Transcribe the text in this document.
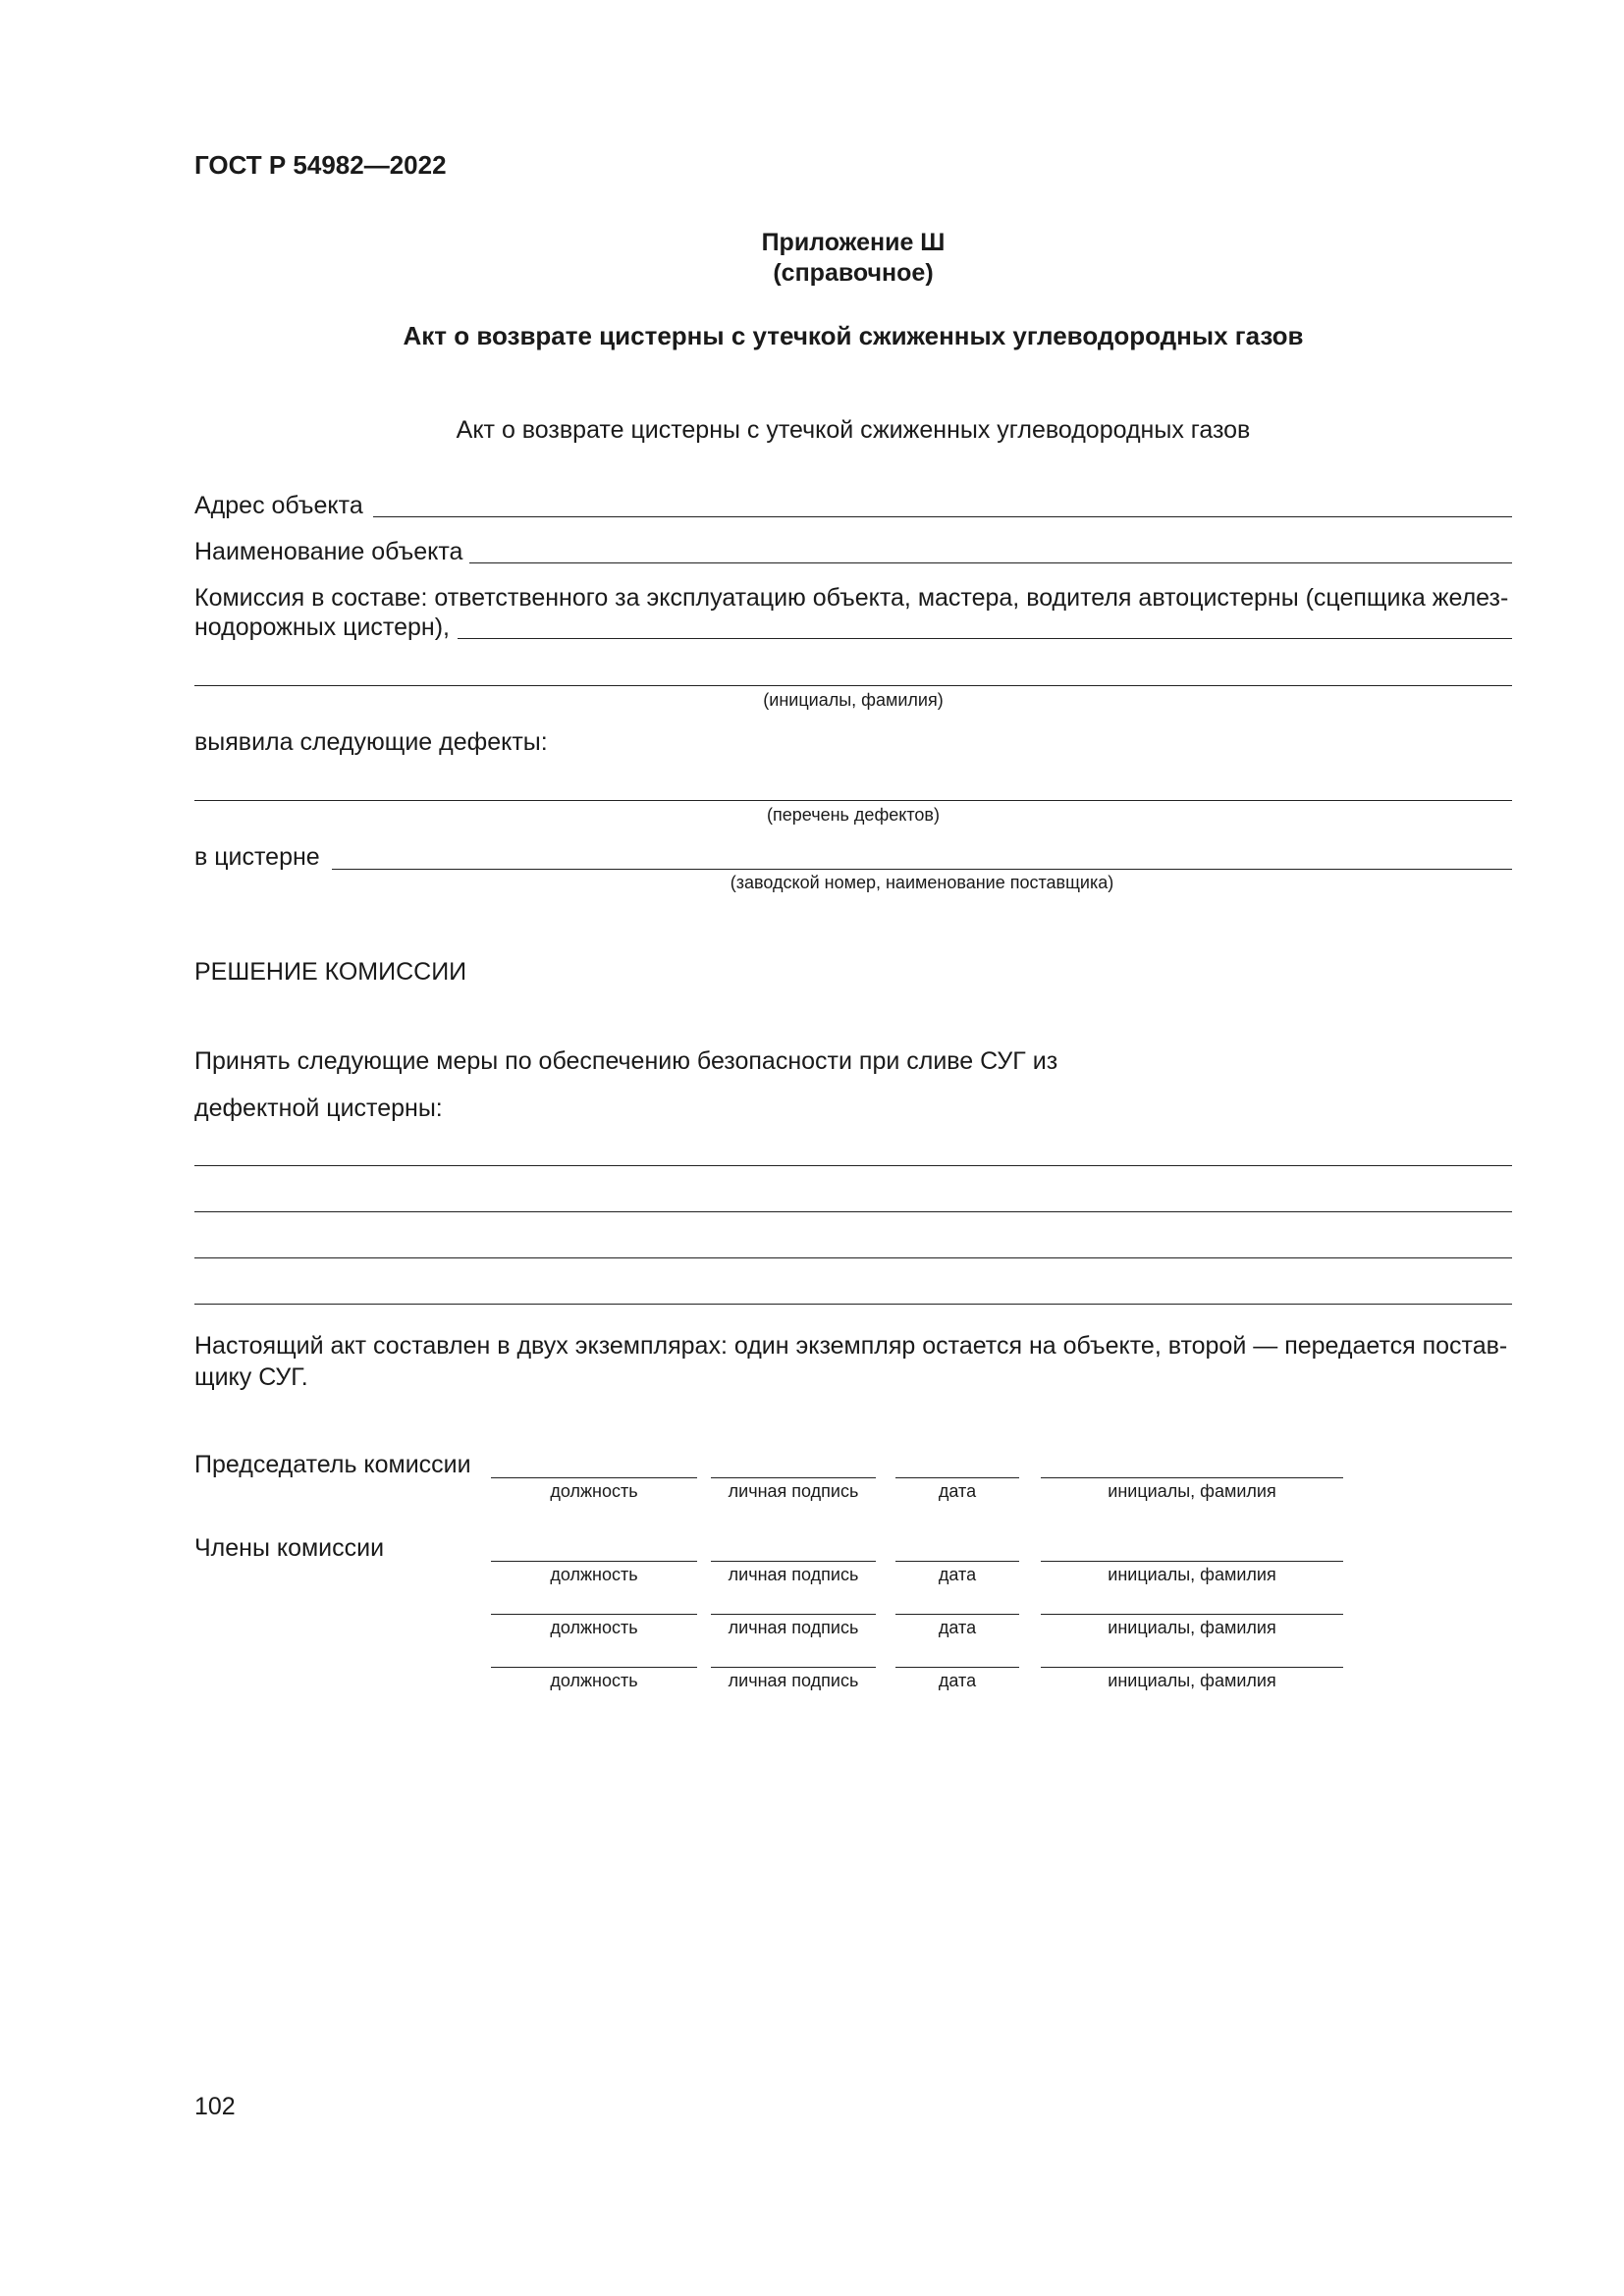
ГОСТ Р 54982—2022
Приложение Ш
(справочное)
Акт о возврате цистерны с утечкой сжиженных углеводородных газов
Акт о возврате цистерны с утечкой сжиженных углеводородных газов
Адрес объекта
Наименование объекта
Комиссия в составе: ответственного за эксплуатацию объекта, мастера, водителя автоцистерны (сцепщика желез-
нодорожных цистерн),
(инициалы, фамилия)
выявила следующие дефекты:
(перечень дефектов)
в цистерне
(заводской номер, наименование поставщика)
РЕШЕНИЕ КОМИССИИ
Принять следующие меры по обеспечению безопасности при сливе СУГ из
дефектной цистерны:
Настоящий акт составлен в двух экземплярах: один экземпляр остается на объекте, второй — передается постав-
щику СУГ.
Председатель комиссии
должность	личная подпись	дата	инициалы, фамилия
Члены комиссии
должность	личная подпись	дата	инициалы, фамилия
должность	личная подпись	дата	инициалы, фамилия
должность	личная подпись	дата	инициалы, фамилия
102
